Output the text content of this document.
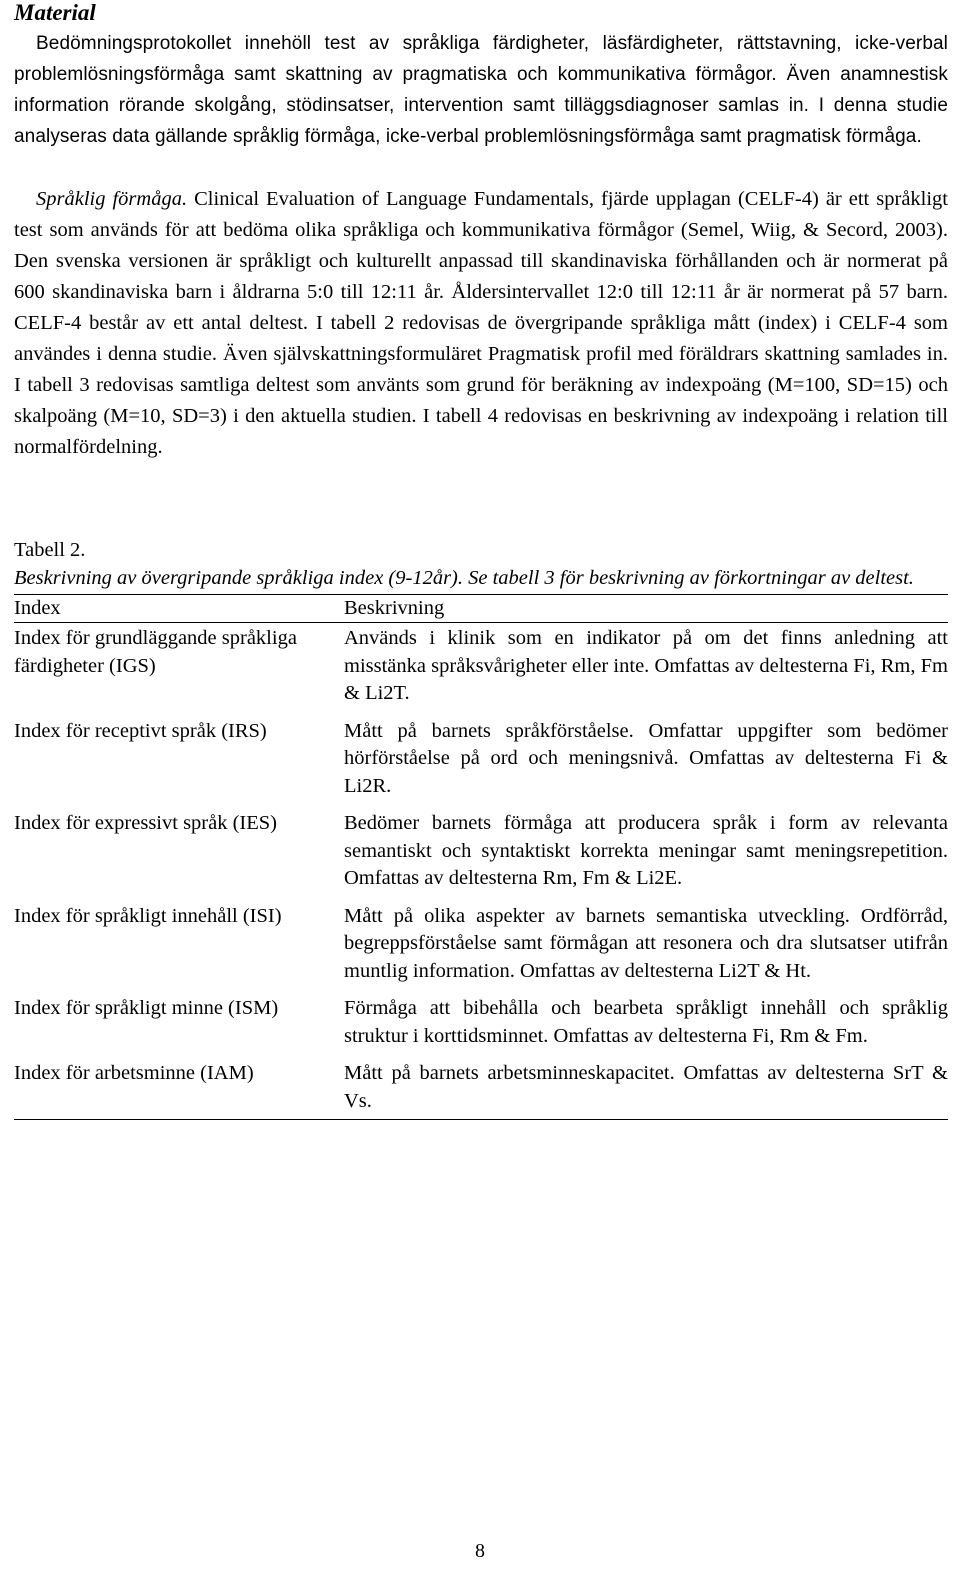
Material

Bedömningsprotokollet innehöll test av språkliga färdigheter, läsfärdigheter, rättstavning, icke-verbal problemlösningsförmåga samt skattning av pragmatiska och kommunikativa förmågor. Även anamnestisk information rörande skolgång, stödinsatser, intervention samt tilläggsdiagnoser samlas in. I denna studie analyseras data gällande språklig förmåga, icke-verbal problemlösningsförmåga samt pragmatisk förmåga.

Språklig förmåga. Clinical Evaluation of Language Fundamentals, fjärde upplagan (CELF-4) är ett språkligt test som används för att bedöma olika språkliga och kommunikativa förmågor (Semel, Wiig, & Secord, 2003). Den svenska versionen är språkligt och kulturellt anpassad till skandinaviska förhållanden och är normerat på 600 skandinaviska barn i åldrarna 5:0 till 12:11 år. Åldersintervallet 12:0 till 12:11 år är normerat på 57 barn. CELF-4 består av ett antal deltest. I tabell 2 redovisas de övergripande språkliga mått (index) i CELF-4 som användes i denna studie. Även självskattningsformuläret Pragmatisk profil med föräldrars skattning samlades in. I tabell 3 redovisas samtliga deltest som använts som grund för beräkning av indexpoäng (M=100, SD=15) och skalpoäng (M=10, SD=3) i den aktuella studien. I tabell 4 redovisas en beskrivning av indexpoäng i relation till normalfördelning.

Tabell 2.

Beskrivning av övergripande språkliga index (9-12år). Se tabell 3 för beskrivning av förkortningar av deltest.

Index	Beskrivning
Index för grundläggande språkliga färdigheter (IGS)	Används i klinik som en indikator på om det finns anledning att misstänka språksvårigheter eller inte. Omfattas av deltesterna Fi, Rm, Fm & Li2T.
Index för receptivt språk (IRS)	Mått på barnets språkförståelse. Omfattar uppgifter som bedömer hörförståelse på ord och meningsnivå. Omfattas av deltesterna Fi & Li2R.
Index för expressivt språk (IES)	Bedömer barnets förmåga att producera språk i form av relevanta semantiskt och syntaktiskt korrekta meningar samt meningsrepetition. Omfattas av deltesterna Rm, Fm & Li2E.
Index för språkligt innehåll (ISI)	Mått på olika aspekter av barnets semantiska utveckling. Ordförråd, begreppsförståelse samt förmågan att resonera och dra slutsatser utifrån muntlig information. Omfattas av deltesterna Li2T & Ht.
Index för språkligt minne (ISM)	Förmåga att bibehålla och bearbeta språkligt innehåll och språklig struktur i korttidsminnet. Omfattas av deltesterna Fi, Rm & Fm.
Index för arbetsminne (IAM)	Mått på barnets arbetsminneskapacitet. Omfattas av deltesterna SrT & Vs.
8
